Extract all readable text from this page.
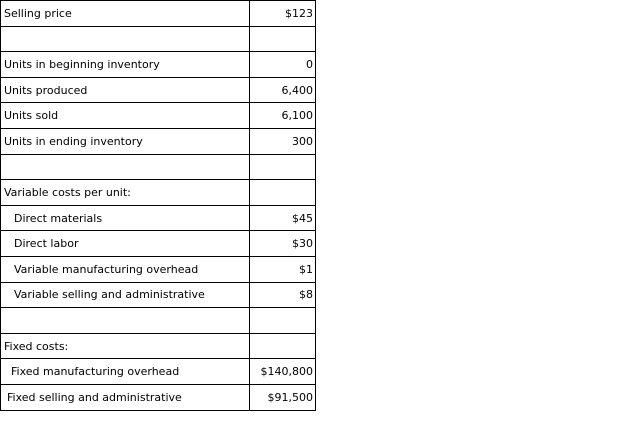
Selling price	$123

Units in beginning inventory	0
Units produced	6,400
Units sold	6,100
Units in ending inventory	300

Variable costs per unit:	
Direct materials	$45
Direct labor	$30
Variable manufacturing overhead	$1
Variable selling and administrative	$8

Fixed costs:	
Fixed manufacturing overhead	$140,800
Fixed selling and administrative	$91,500
